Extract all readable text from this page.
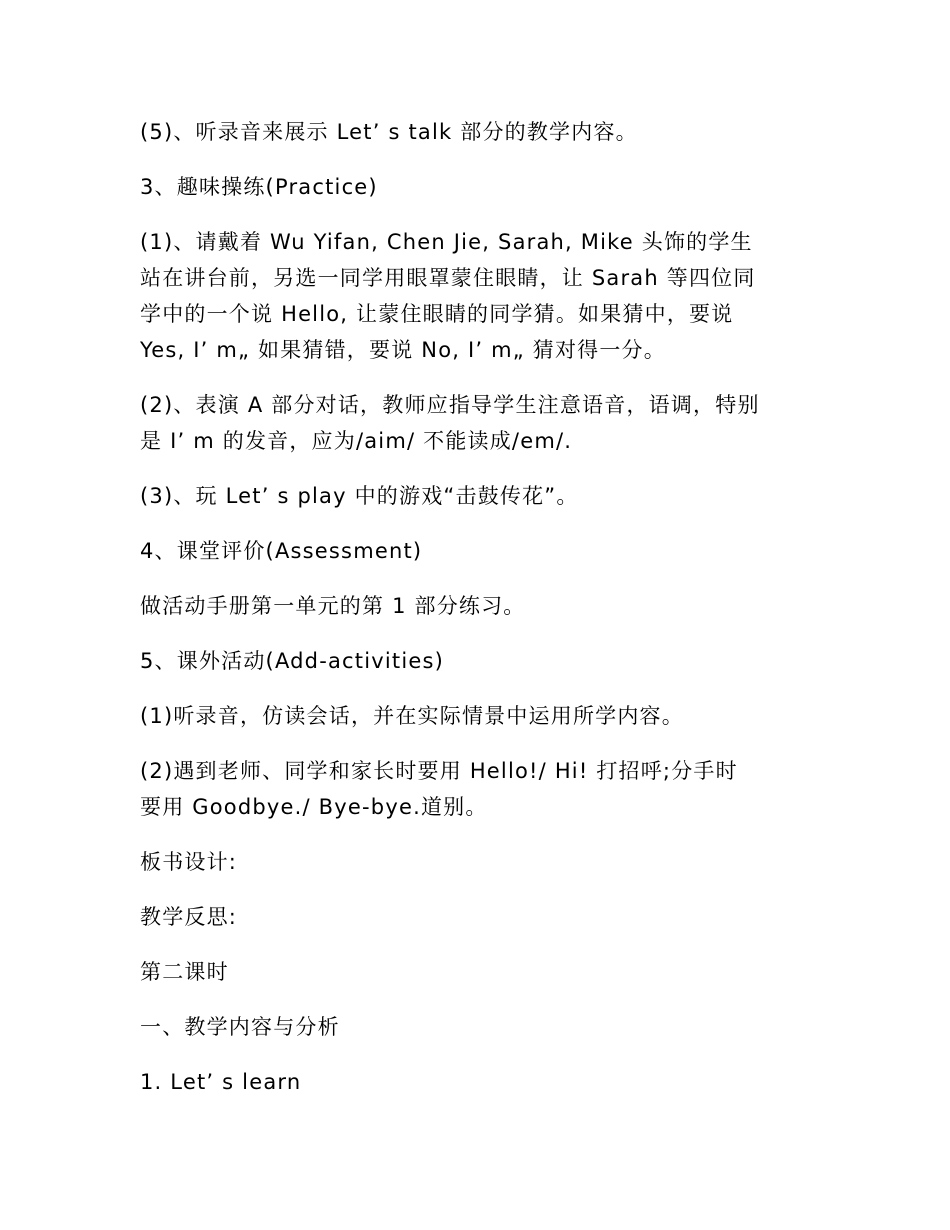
(5)、听录音来展示 Let’ s talk 部分的教学内容。

3、趣味操练(Practice)

(1)、请戴着 Wu Yifan, Chen Jie, Sarah, Mike 头饰的学生
站在讲台前，另选一同学用眼罩蒙住眼睛，让 Sarah 等四位同
学中的一个说 Hello, 让蒙住眼睛的同学猜。如果猜中，要说
Yes, I’ m„ 如果猜错，要说 No, I’ m„ 猜对得一分。

(2)、表演 A 部分对话，教师应指导学生注意语音，语调，特别
是 I’ m 的发音，应为/aim/ 不能读成/em/.

(3)、玩 Let’ s play 中的游戏“击鼓传花”。

4、课堂评价(Assessment)

做活动手册第一单元的第 1 部分练习。

5、课外活动(Add-activities)

(1)听录音，仿读会话，并在实际情景中运用所学内容。

(2)遇到老师、同学和家长时要用 Hello!/ Hi! 打招呼;分手时
要用 Goodbye./ Bye-bye.道别。

板书设计:

教学反思:

第二课时

一、教学内容与分析

1. Let’ s learn
